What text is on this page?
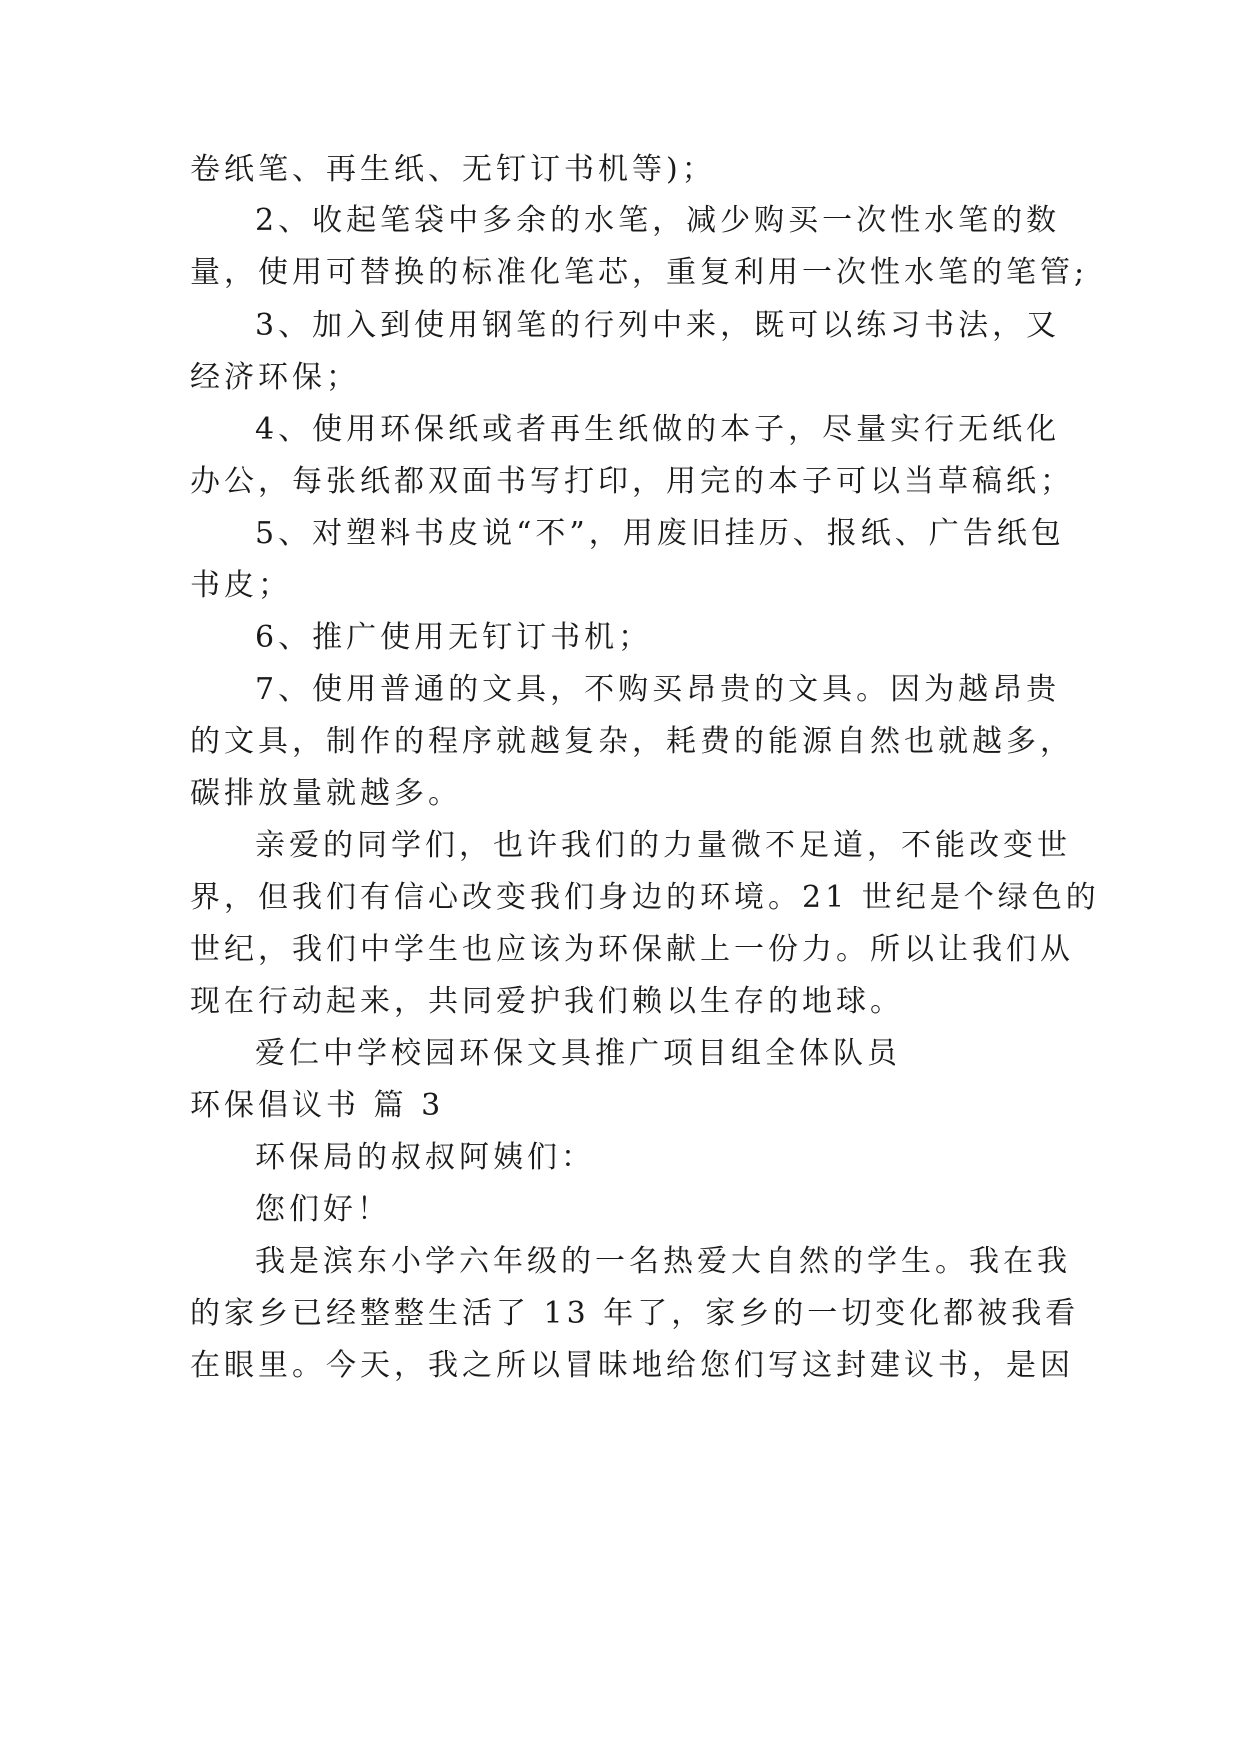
卷纸笔、再生纸、无钉订书机等)；

2、收起笔袋中多余的水笔，减少购买一次性水笔的数

量，使用可替换的标准化笔芯，重复利用一次性水笔的笔管;

3、加入到使用钢笔的行列中来，既可以练习书法，又

经济环保；

4、使用环保纸或者再生纸做的本子，尽量实行无纸化

办公，每张纸都双面书写打印，用完的本子可以当草稿纸；

5、对塑料书皮说“不”，用废旧挂历、报纸、广告纸包

书皮；

6、推广使用无钉订书机；

7、使用普通的文具，不购买昂贵的文具。因为越昂贵

的文具，制作的程序就越复杂，耗费的能源自然也就越多，

碳排放量就越多。

亲爱的同学们，也许我们的力量微不足道，不能改变世

界，但我们有信心改变我们身边的环境。21 世纪是个绿色的

世纪，我们中学生也应该为环保献上一份力。所以让我们从

现在行动起来，共同爱护我们赖以生存的地球。

爱仁中学校园环保文具推广项目组全体队员

环保倡议书 篇 3

环保局的叔叔阿姨们：

您们好！

我是滨东小学六年级的一名热爱大自然的学生。我在我

的家乡已经整整生活了 13 年了，家乡的一切变化都被我看

在眼里。今天，我之所以冒昧地给您们写这封建议书，是因
